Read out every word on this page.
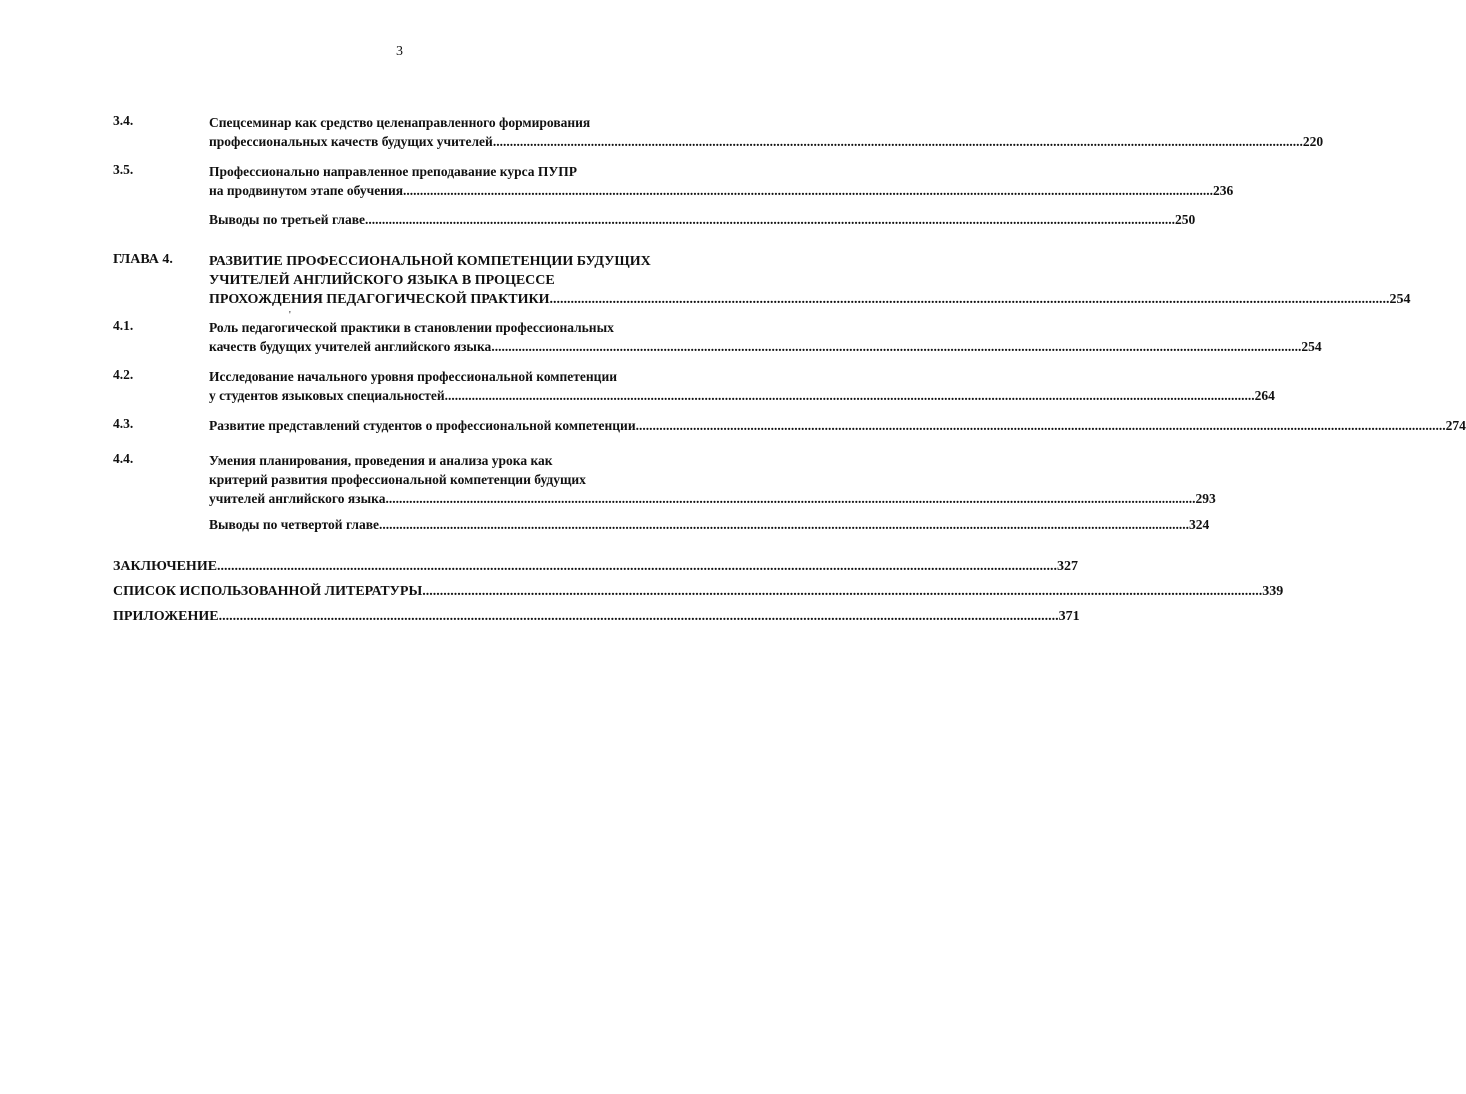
3
'
3.4.	Спецсеминар как средство целенаправленного формирования
профессиональных качеств будущих учителей ................................................................................................................................................................................................................................................ 220
3.5.	Профессионально направленное преподавание курса ПУПР
на продвинутом этапе обучения ................................................................................................................................................................................................................................................ 236
Выводы по третьей главе ................................................................................................................................................................................................................................................ 250
ГЛАВА 4.	РАЗВИТИЕ ПРОФЕССИОНАЛЬНОЙ КОМПЕТЕНЦИИ БУДУЩИХ
УЧИТЕЛЕЙ АНГЛИЙСКОГО ЯЗЫКА В ПРОЦЕССЕ
ПРОХОЖДЕНИЯ ПЕДАГОГИЧЕСКОЙ ПРАКТИКИ ................................................................................................................................................................................................................................................ 254
4.1.	Роль педагогической практики в становлении профессиональных
качеств будущих учителей английского языка ................................................................................................................................................................................................................................................ 254
4.2.	Исследование начального уровня профессиональной компетенции
у студентов языковых специальностей ................................................................................................................................................................................................................................................ 264
4.3.	Развитие представлений студентов о профессиональной компетенции ................................................................................................................................................................................................................................................ 274
4.4.	Умения планирования, проведения и анализа урока как
критерий развития профессиональной компетенции будущих
учителей английского языка ................................................................................................................................................................................................................................................ 293
Выводы по четвертой главе ................................................................................................................................................................................................................................................ 324
ЗАКЛЮЧЕНИЕ ................................................................................................................................................................................................................................................ 327
СПИСОК ИСПОЛЬЗОВАННОЙ ЛИТЕРАТУРЫ ................................................................................................................................................................................................................................................ 339
ПРИЛОЖЕНИЕ ................................................................................................................................................................................................................................................ 371
